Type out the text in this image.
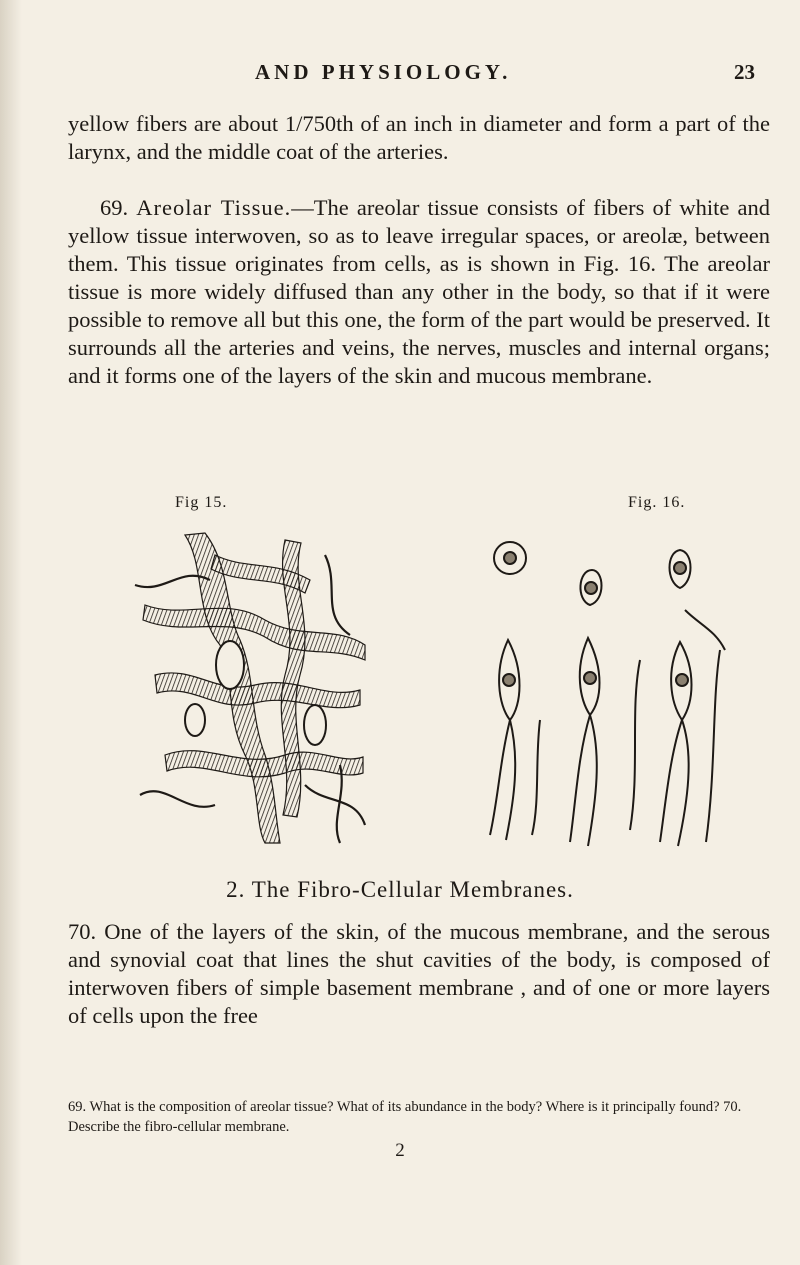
AND PHYSIOLOGY.	23
yellow fibers are about 1/750th of an inch in diameter and form a part of the larynx, and the middle coat of the arteries.
69. Areolar Tissue.—The areolar tissue consists of fibers of white and yellow tissue interwoven, so as to leave irregular spaces, or areolæ, between them. This tissue originates from cells, as is shown in Fig. 16. The areolar tissue is more widely diffused than any other in the body, so that if it were possible to remove all but this one, the form of the part would be preserved. It surrounds all the arteries and veins, the nerves, muscles and internal organs; and it forms one of the layers of the skin and mucous membrane.
Fig 15.	Fig. 16.
2. The Fibro-Cellular Membranes.
70. One of the layers of the skin, of the mucous membrane, and the serous and synovial coat that lines the shut cavities of the body, is composed of interwoven fibers of simple basement membrane , and of one or more layers of cells upon the free
69. What is the composition of areolar tissue? What of its abundance in the body? Where is it principally found? 70. Describe the fibro-cellular membrane.
2
